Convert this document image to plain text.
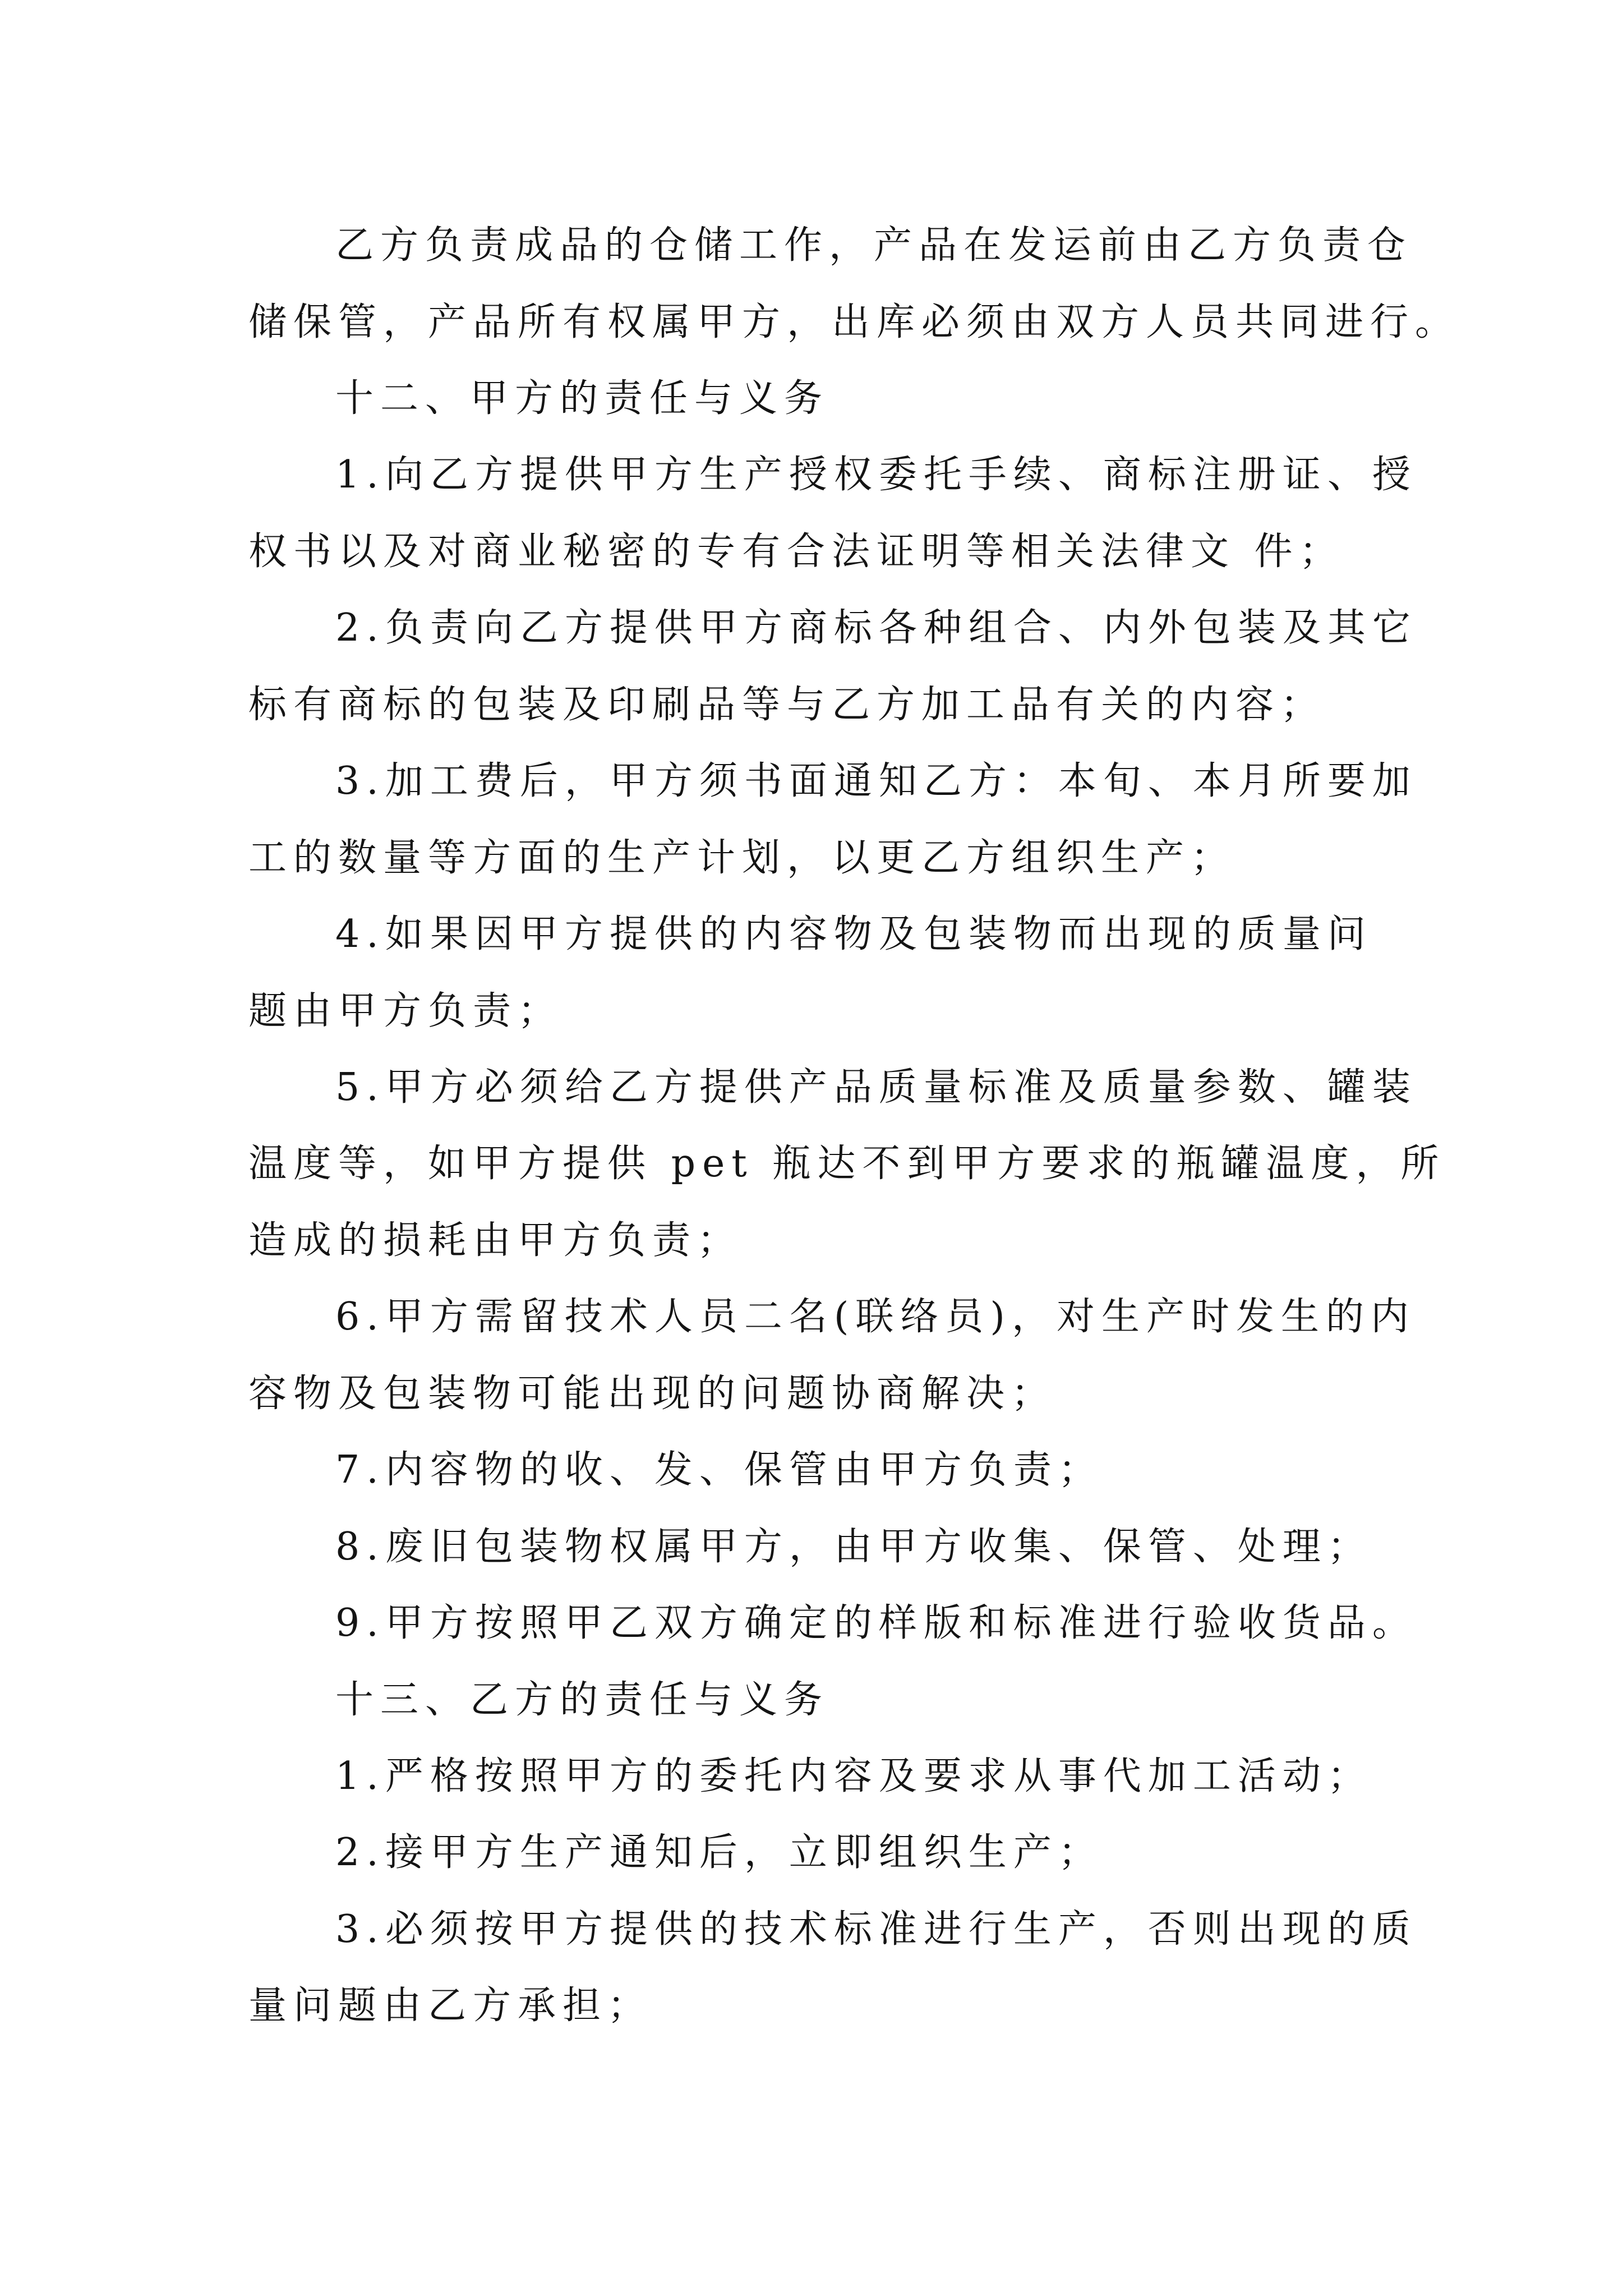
乙方负责成品的仓储工作，产品在发运前由乙方负责仓
储保管，产品所有权属甲方，出库必须由双方人员共同进行。
十二、甲方的责任与义务
1.向乙方提供甲方生产授权委托手续、商标注册证、授
权书以及对商业秘密的专有合法证明等相关法律文 件；
2.负责向乙方提供甲方商标各种组合、内外包装及其它
标有商标的包装及印刷品等与乙方加工品有关的内容；
3.加工费后，甲方须书面通知乙方：本旬、本月所要加
工的数量等方面的生产计划，以更乙方组织生产；
4.如果因甲方提供的内容物及包装物而出现的质量问
题由甲方负责；
5.甲方必须给乙方提供产品质量标准及质量参数、罐装
温度等，如甲方提供 pet 瓶达不到甲方要求的瓶罐温度，所
造成的损耗由甲方负责；
6.甲方需留技术人员二名(联络员)，对生产时发生的内
容物及包装物可能出现的问题协商解决；
7.内容物的收、发、保管由甲方负责；
8.废旧包装物权属甲方，由甲方收集、保管、处理；
9.甲方按照甲乙双方确定的样版和标准进行验收货品。
十三、乙方的责任与义务
1.严格按照甲方的委托内容及要求从事代加工活动；
2.接甲方生产通知后，立即组织生产；
3.必须按甲方提供的技术标准进行生产，否则出现的质
量问题由乙方承担；
